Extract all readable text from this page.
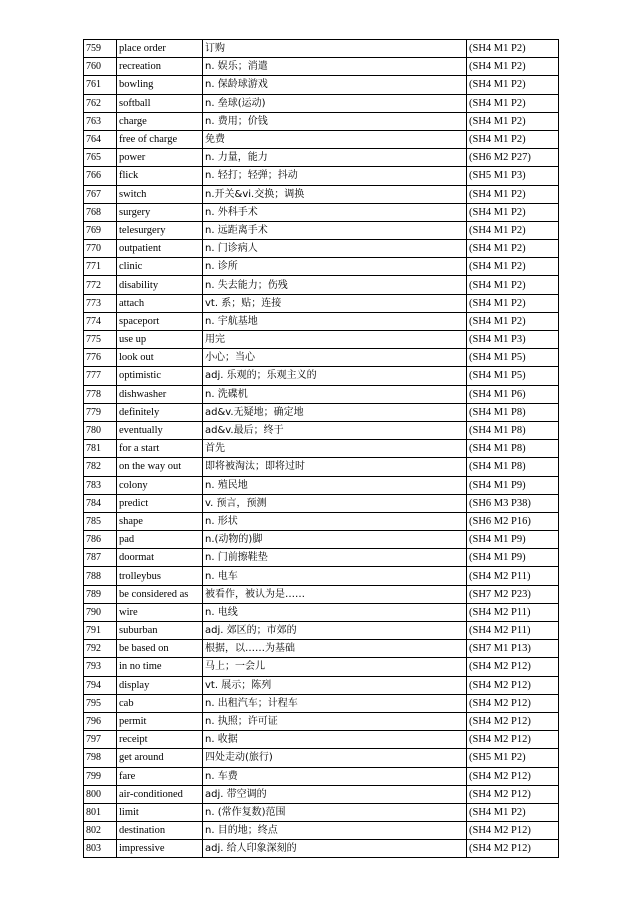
759	place order	订购	(SH4 M1 P2)
760	recreation	n. 娱乐；消遣	(SH4 M1 P2)
761	bowling	n. 保龄球游戏	(SH4 M1 P2)
762	softball	n. 垒球(运动)	(SH4 M1 P2)
763	charge	n. 费用；价钱	(SH4 M1 P2)
764	free of charge	免费	(SH4 M1 P2)
765	power	n. 力量，能力	(SH6 M2 P27)
766	flick	n. 轻打；轻弹；抖动	(SH5 M1 P3)
767	switch	n.开关&vi.交换；调换	(SH4 M1 P2)
768	surgery	n. 外科手术	(SH4 M1 P2)
769	telesurgery	n. 远距离手术	(SH4 M1 P2)
770	outpatient	n. 门诊病人	(SH4 M1 P2)
771	clinic	n. 诊所	(SH4 M1 P2)
772	disability	n. 失去能力；伤残	(SH4 M1 P2)
773	attach	vt. 系；贴；连接	(SH4 M1 P2)
774	spaceport	n. 宇航基地	(SH4 M1 P2)
775	use up	用完	(SH4 M1 P3)
776	look out	小心；当心	(SH4 M1 P5)
777	optimistic	adj. 乐观的；乐观主义的	(SH4 M1 P5)
778	dishwasher	n. 洗碟机	(SH4 M1 P6)
779	definitely	ad&v.无疑地；确定地	(SH4 M1 P8)
780	eventually	ad&v.最后；终于	(SH4 M1 P8)
781	for a start	首先	(SH4 M1 P8)
782	on the way out	即将被淘汰；即将过时	(SH4 M1 P8)
783	colony	n. 殖民地	(SH4 M1 P9)
784	predict	v. 预言，预测	(SH6 M3 P38)
785	shape	n. 形状	(SH6 M2 P16)
786	pad	n.(动物的)脚	(SH4 M1 P9)
787	doormat	n. 门前擦鞋垫	(SH4 M1 P9)
788	trolleybus	n. 电车	(SH4 M2 P11)
789	be considered as	被看作，被认为是……	(SH7 M2 P23)
790	wire	n. 电线	(SH4 M2 P11)
791	suburban	adj. 郊区的；市郊的	(SH4 M2 P11)
792	be based on	根据，以……为基础	(SH7 M1 P13)
793	in no time	马上；一会儿	(SH4 M2 P12)
794	display	vt. 展示；陈列	(SH4 M2 P12)
795	cab	n. 出租汽车；计程车	(SH4 M2 P12)
796	permit	n. 执照；许可证	(SH4 M2 P12)
797	receipt	n. 收据	(SH4 M2 P12)
798	get around	四处走动(旅行)	(SH5 M1 P2)
799	fare	n. 车费	(SH4 M2 P12)
800	air-conditioned	adj. 带空调的	(SH4 M2 P12)
801	limit	n. (常作复数)范围	(SH4 M1 P2)
802	destination	n. 目的地；终点	(SH4 M2 P12)
803	impressive	adj. 给人印象深刻的	(SH4 M2 P12)
